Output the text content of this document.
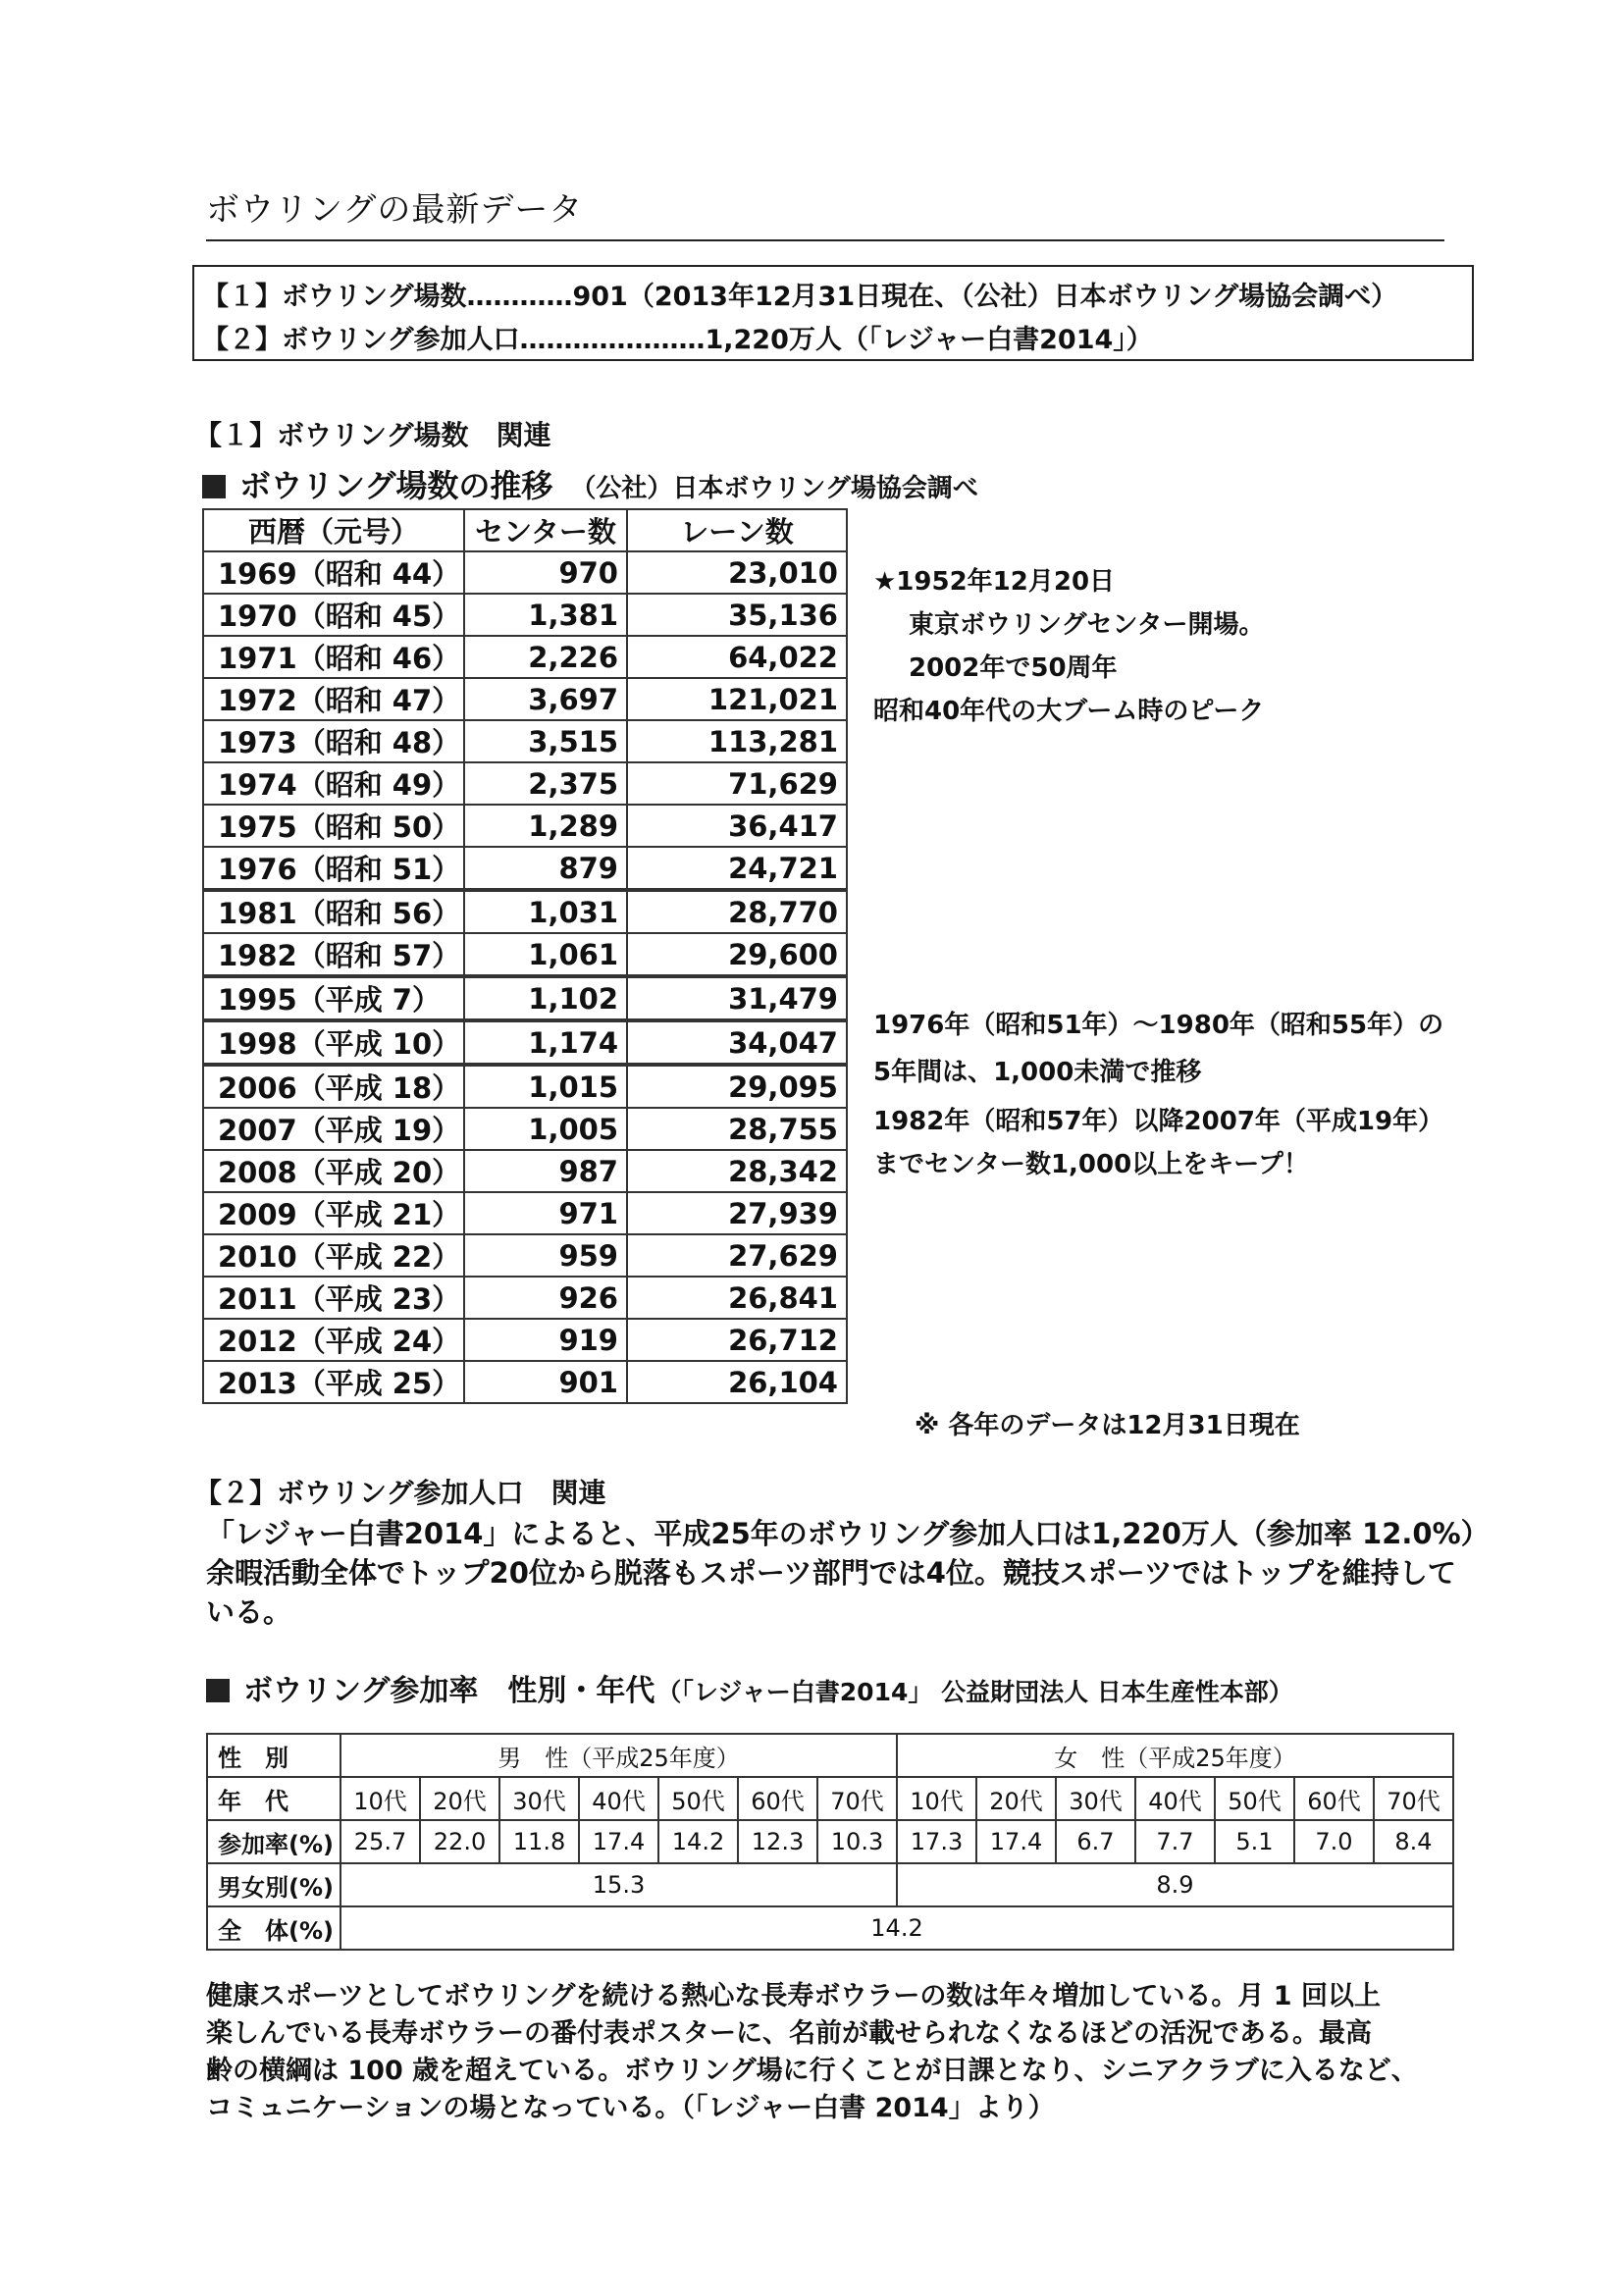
ボウリングの最新データ
【１】ボウリング場数…………901（2013年12月31日現在、（公社）日本ボウリング場協会調べ）
【２】ボウリング参加人口…………………1,220万人（「レジャー白書2014」）
【１】ボウリング場数　関連
ボウリング場数の推移 （公社）日本ボウリング場協会調べ
西暦（元号）	センター数	レーン数
1969（昭和 44）	970	23,010
1970（昭和 45）	1,381	35,136
1971（昭和 46）	2,226	64,022
1972（昭和 47）	3,697	121,021
1973（昭和 48）	3,515	113,281
1974（昭和 49）	2,375	71,629
1975（昭和 50）	1,289	36,417
1976（昭和 51）	879	24,721
1981（昭和 56）	1,031	28,770
1982（昭和 57）	1,061	29,600
1995（平成 7）	1,102	31,479
1998（平成 10）	1,174	34,047
2006（平成 18）	1,015	29,095
2007（平成 19）	1,005	28,755
2008（平成 20）	987	28,342
2009（平成 21）	971	27,939
2010（平成 22）	959	27,629
2011（平成 23）	926	26,841
2012（平成 24）	919	26,712
2013（平成 25）	901	26,104
★1952年12月20日
東京ボウリングセンター開場。
2002年で50周年
昭和40年代の大ブーム時のピーク
1976年（昭和51年）～1980年（昭和55年）の
5年間は、1,000未満で推移
1982年（昭和57年）以降2007年（平成19年）
までセンター数1,000以上をキープ！
※ 各年のデータは12月31日現在
【２】ボウリング参加人口　関連
「レジャー白書2014」によると、平成25年のボウリング参加人口は1,220万人（参加率 12.0%）
余暇活動全体でトップ20位から脱落もスポーツ部門では4位。競技スポーツではトップを維持して
いる。
ボウリング参加率　性別・年代（「レジャー白書2014」 公益財団法人 日本生産性本部）
性　別	男　性（平成25年度）							女　性（平成25年度）						
年　代	10代	20代	30代	40代	50代	60代	70代	10代	20代	30代	40代	50代	60代	70代
参加率(%)	25.7	22.0	11.8	17.4	14.2	12.3	10.3	17.3	17.4	6.7	7.7	5.1	7.0	8.4
男女別(%)	15.3							8.9						
全　体(%)	14.2													
健康スポーツとしてボウリングを続ける熱心な長寿ボウラーの数は年々増加している。月 1 回以上
楽しんでいる長寿ボウラーの番付表ポスターに、名前が載せられなくなるほどの活況である。最高
齢の横綱は 100 歳を超えている。ボウリング場に行くことが日課となり、シニアクラブに入るなど、
コミュニケーションの場となっている。（「レジャー白書 2014」より）
